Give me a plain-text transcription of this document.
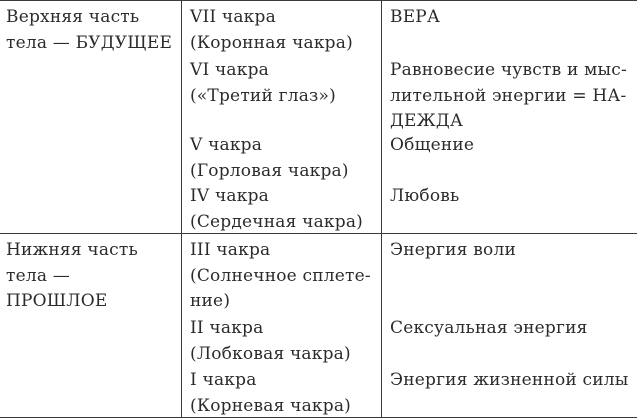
Верхняя часть
тела — БУДУЩЕЕ
VII чакра
(Коронная чакра)
ВЕРА
VI чакра
(«Третий глаз»)
Равновесие чувств и мыс-
лительной энергии = НА-
ДЕЖДА
V чакра
(Горловая чакра)
Общение
IV чакра
(Сердечная чакра)
Любовь
Нижняя часть
тела —
ПРОШЛОЕ
III чакра
(Солнечное сплете-
ние)
Энергия воли
II чакра
(Лобковая чакра)
Сексуальная энергия
I чакра
(Корневая чакра)
Энергия жизненной силы
